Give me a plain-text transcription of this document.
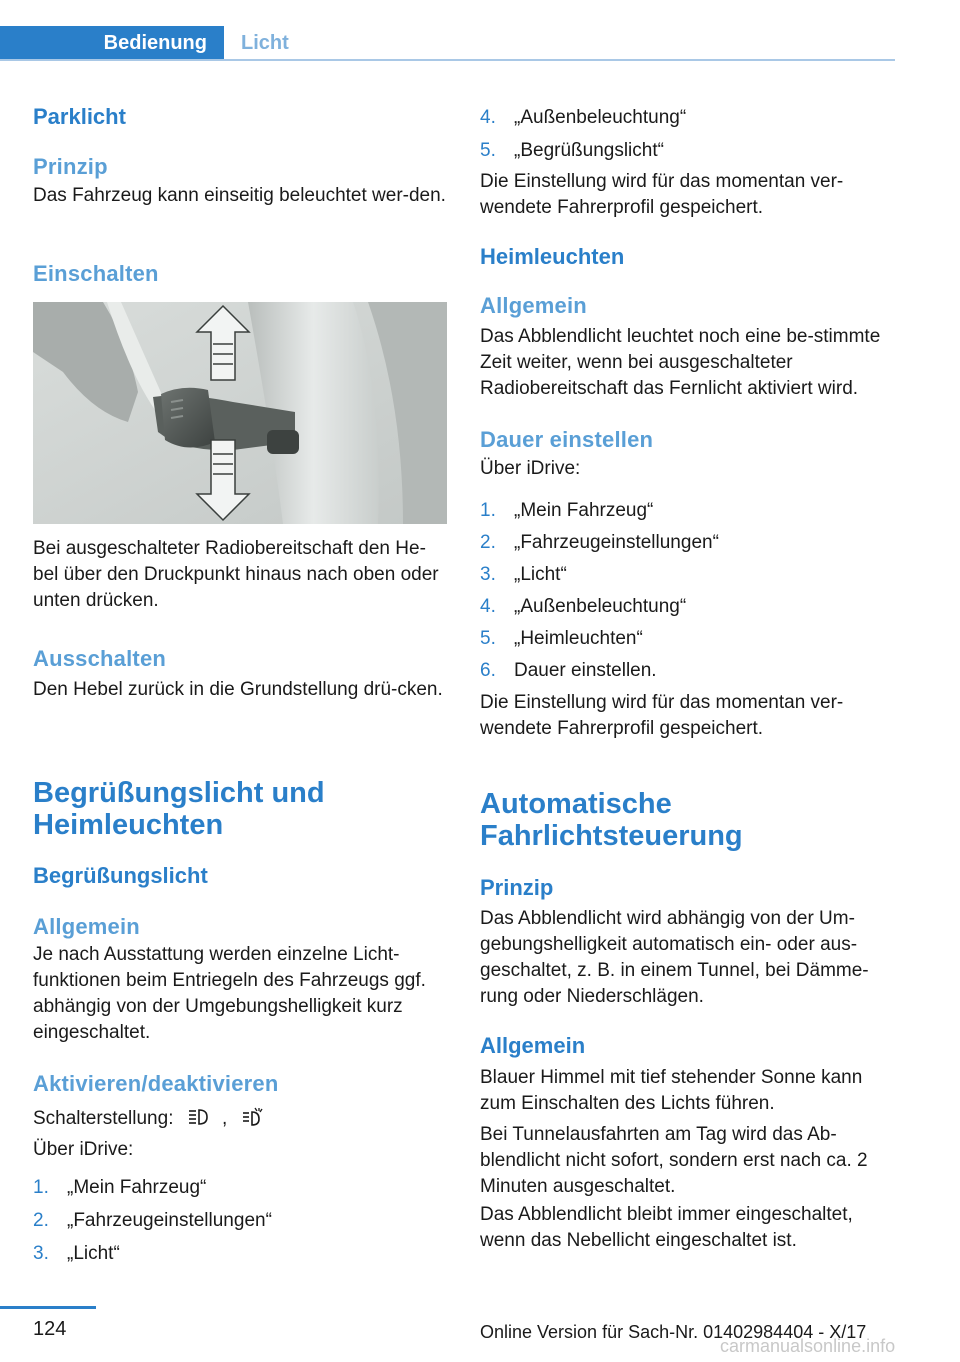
Bedienung	Licht
Parklicht
Prinzip

Das Fahrzeug kann einseitig beleuchtet wer-den.

Einschalten

Bei ausgeschalteter Radiobereitschaft den He-bel über den Druckpunkt hinaus nach oben oder unten drücken.

Ausschalten

Den Hebel zurück in die Grundstellung drü-cken.

Begrüßungslicht und Heimleuchten
Begrüßungslicht
Allgemein

Je nach Ausstattung werden einzelne Licht-funktionen beim Entriegeln des Fahrzeugs ggf. abhängig von der Umgebungshelligkeit kurz eingeschaltet.

Aktivieren/deaktivieren
Schalterstellung:	,
Über iDrive:
1. „Mein Fahrzeug“
2. „Fahrzeugeinstellungen“
3. „Licht“
4. „Außenbeleuchtung“
5. „Begrüßungslicht“

Die Einstellung wird für das momentan ver-wendete Fahrerprofil gespeichert.

Heimleuchten
Allgemein

Das Abblendlicht leuchtet noch eine be-stimmte Zeit weiter, wenn bei ausgeschalteter Radiobereitschaft das Fernlicht aktiviert wird.

Dauer einstellen
Über iDrive:
1. „Mein Fahrzeug“
2. „Fahrzeugeinstellungen“
3. „Licht“
4. „Außenbeleuchtung“
5. „Heimleuchten“
6. Dauer einstellen.

Die Einstellung wird für das momentan ver-wendete Fahrerprofil gespeichert.

Automatische Fahrlichtsteuerung
Prinzip

Das Abblendlicht wird abhängig von der Um-gebungshelligkeit automatisch ein- oder aus-geschaltet, z. B. in einem Tunnel, bei Dämme-rung oder Niederschlägen.

Allgemein

Blauer Himmel mit tief stehender Sonne kann zum Einschalten des Lichts führen.

Bei Tunnelausfahrten am Tag wird das Ab-blendlicht nicht sofort, sondern erst nach ca. 2 Minuten ausgeschaltet.

Das Abblendlicht bleibt immer eingeschaltet, wenn das Nebellicht eingeschaltet ist.

124	Online Version für Sach-Nr. 01402984404 - X/17
carmanualsonline.info
